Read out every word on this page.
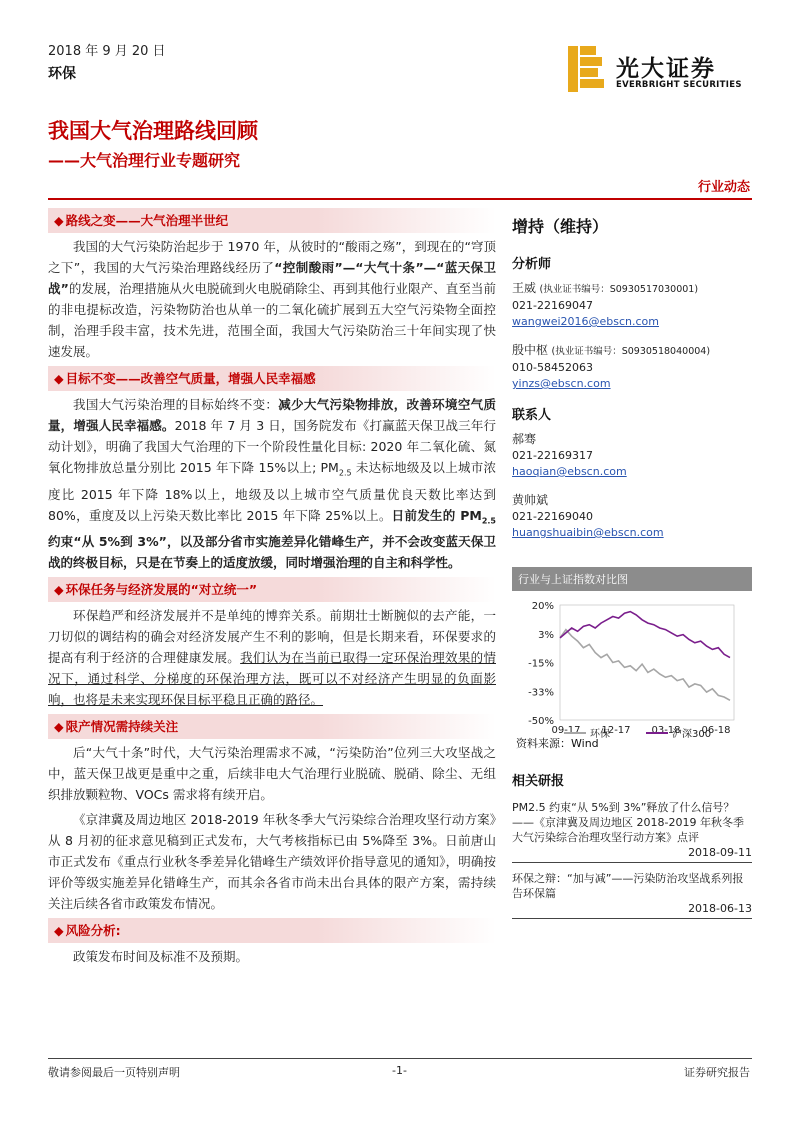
2018 年 9 月 20 日
环保	光大证券
EVERBRIGHT SECURITIES
我国大气治理路线回顾
——大气治理行业专题研究
行业动态
◆ 路线之变——大气治理半世纪

我国的大气污染防治起步于 1970 年，从彼时的“酸雨之殇”，到现在的“穹顶之下”，我国的大气污染治理路线经历了“控制酸雨”—“大气十条”—“蓝天保卫战”的发展，治理措施从火电脱硫到火电脱硝除尘、再到其他行业限产、直至当前的非电提标改造，污染物防治也从单一的二氧化硫扩展到五大空气污染物全面控制，治理手段丰富，技术先进，范围全面，我国大气污染防治三十年间实现了快速发展。

◆ 目标不变——改善空气质量，增强人民幸福感

我国大气污染治理的目标始终不变：减少大气污染物排放，改善环境空气质量，增强人民幸福感。2018 年 7 月 3 日，国务院发布《打赢蓝天保卫战三年行动计划》，明确了我国大气治理的下一个阶段性量化目标: 2020 年二氧化硫、氮氧化物排放总量分别比 2015 年下降 15%以上; $PM_{2.5}$ 未达标地级及以上城市浓度比 2015 年下降 18%以上，地级及以上城市空气质量优良天数比率达到 80%，重度及以上污染天数比率比 2015 年下降 25%以上。日前发生的 $PM_{2.5}$ 约束“从 5%到 3%”，以及部分省市实施差异化错峰生产，并不会改变蓝天保卫战的终极目标，只是在节奏上的适度放缓，同时增强治理的自主和科学性。

◆ 环保任务与经济发展的“对立统一”

环保趋严和经济发展并不是单纯的博弈关系。前期壮士断腕似的去产能，一刀切似的调结构的确会对经济发展产生不利的影响，但是长期来看，环保要求的提高有利于经济的合理健康发展。我们认为在当前已取得一定环保治理效果的情况下，通过科学、分梯度的环保治理方法，既可以不对经济产生明显的负面影响，也将是未来实现环保目标平稳且正确的路径。

◆ 限产情况需持续关注

后“大气十条”时代，大气污染治理需求不减，“污染防治”位列三大攻坚战之中，蓝天保卫战更是重中之重，后续非电大气治理行业脱硫、脱硝、除尘、无组织排放颗粒物、VOCs 需求将有续开启。

《京津冀及周边地区 2018-2019 年秋冬季大气污染综合治理攻坚行动方案》从 8 月初的征求意见稿到正式发布，大气考核指标已由 5%降至 3%。日前唐山市正式发布《重点行业秋冬季差异化错峰生产绩效评价指导意见的通知》，明确按评价等级实施差异化错峰生产，而其余各省市尚未出台具体的限产方案，需持续关注后续各省市政策发布情况。

◆ 风险分析:

政策发布时间及标准不及预期。

增持（维持）
分析师
王威 (执业证书编号：S0930517030001)
021-22169047
wangwei2016@ebscn.com
殷中枢 (执业证书编号：S0930518040004)
010-58452063
yinzs@ebscn.com
联系人
郝骞
021-22169317
haoqian@ebscn.com
黄帅斌
021-22169040
huangshuaibin@ebscn.com
行业与上证指数对比图
20%
3%
-15%
-33%
-50%
09-17 12-17 03-18 06-18
环保	沪深300
资料来源：Wind
相关研报
PM2.5 约束“从 5%到 3%”释放了什么信号？——《京津冀及周边地区 2018-2019 年秋冬季大气污染综合治理攻坚行动方案》点评
2018-09-11
环保之辩：“加与减”——污染防治攻坚战系列报告环保篇
2018-06-13
敬请参阅最后一页特别声明	-1-	证券研究报告
